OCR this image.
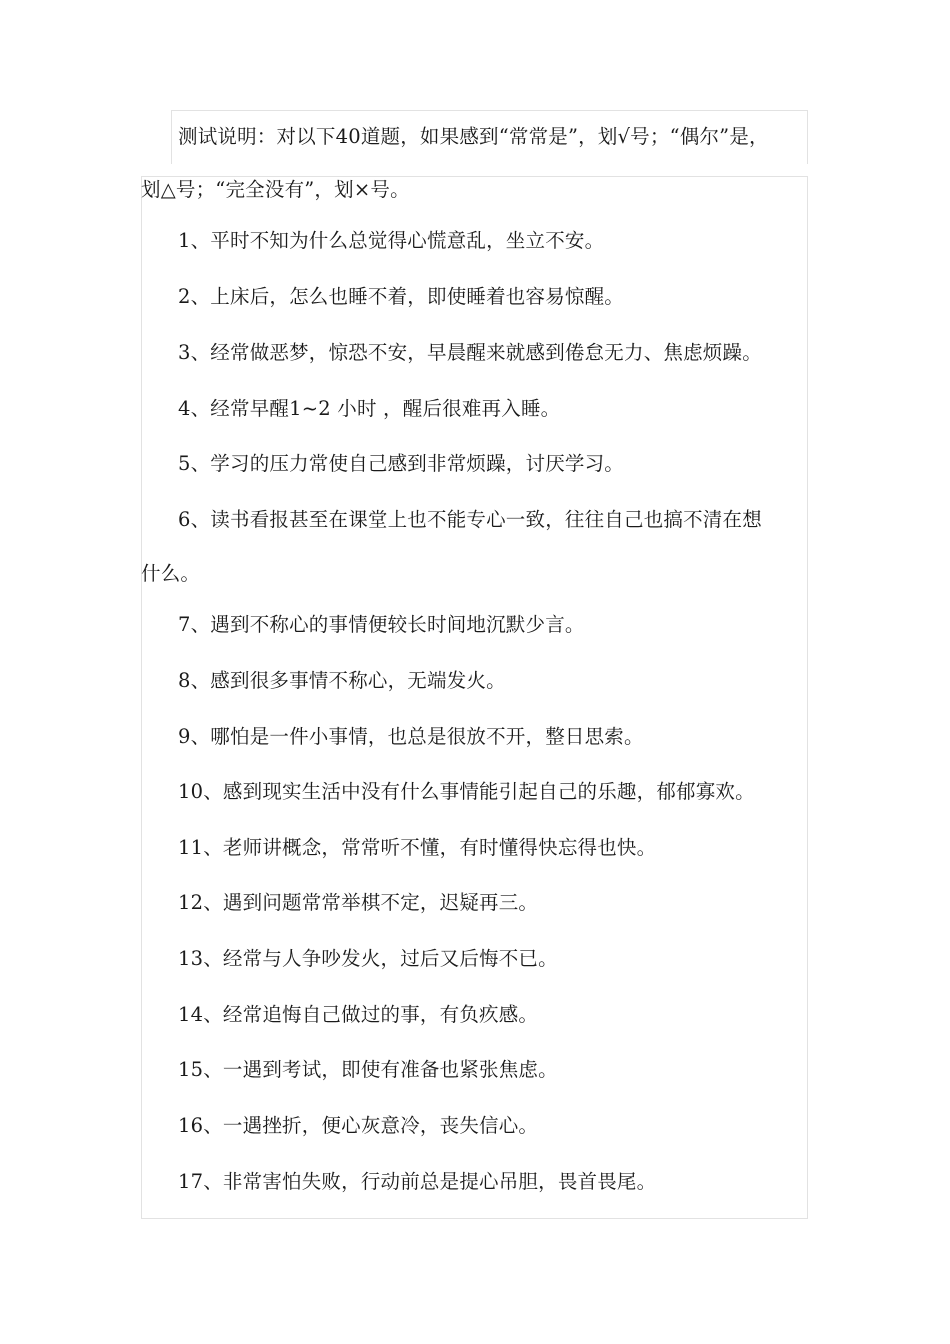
测试说明：对以下40道题，如果感到“常常是”，划√号；“偶尔”是，
划△号；“完全没有”，划×号。
1、平时不知为什么总觉得心慌意乱，坐立不安。
2、上床后，怎么也睡不着，即使睡着也容易惊醒。
3、经常做恶梦，惊恐不安，早晨醒来就感到倦怠无力、焦虑烦躁。
4、经常早醒1~2 小时 ，醒后很难再入睡。
5、学习的压力常使自己感到非常烦躁，讨厌学习。
6、读书看报甚至在课堂上也不能专心一致，往往自己也搞不清在想
什么。
7、遇到不称心的事情便较长时间地沉默少言。
8、感到很多事情不称心，无端发火。
9、哪怕是一件小事情，也总是很放不开，整日思索。
10、感到现实生活中没有什么事情能引起自己的乐趣，郁郁寡欢。
11、老师讲概念，常常听不懂，有时懂得快忘得也快。
12、遇到问题常常举棋不定，迟疑再三。
13、经常与人争吵发火，过后又后悔不已。
14、经常追悔自己做过的事，有负疚感。
15、一遇到考试，即使有准备也紧张焦虑。
16、一遇挫折，便心灰意冷，丧失信心。
17、非常害怕失败，行动前总是提心吊胆，畏首畏尾。
